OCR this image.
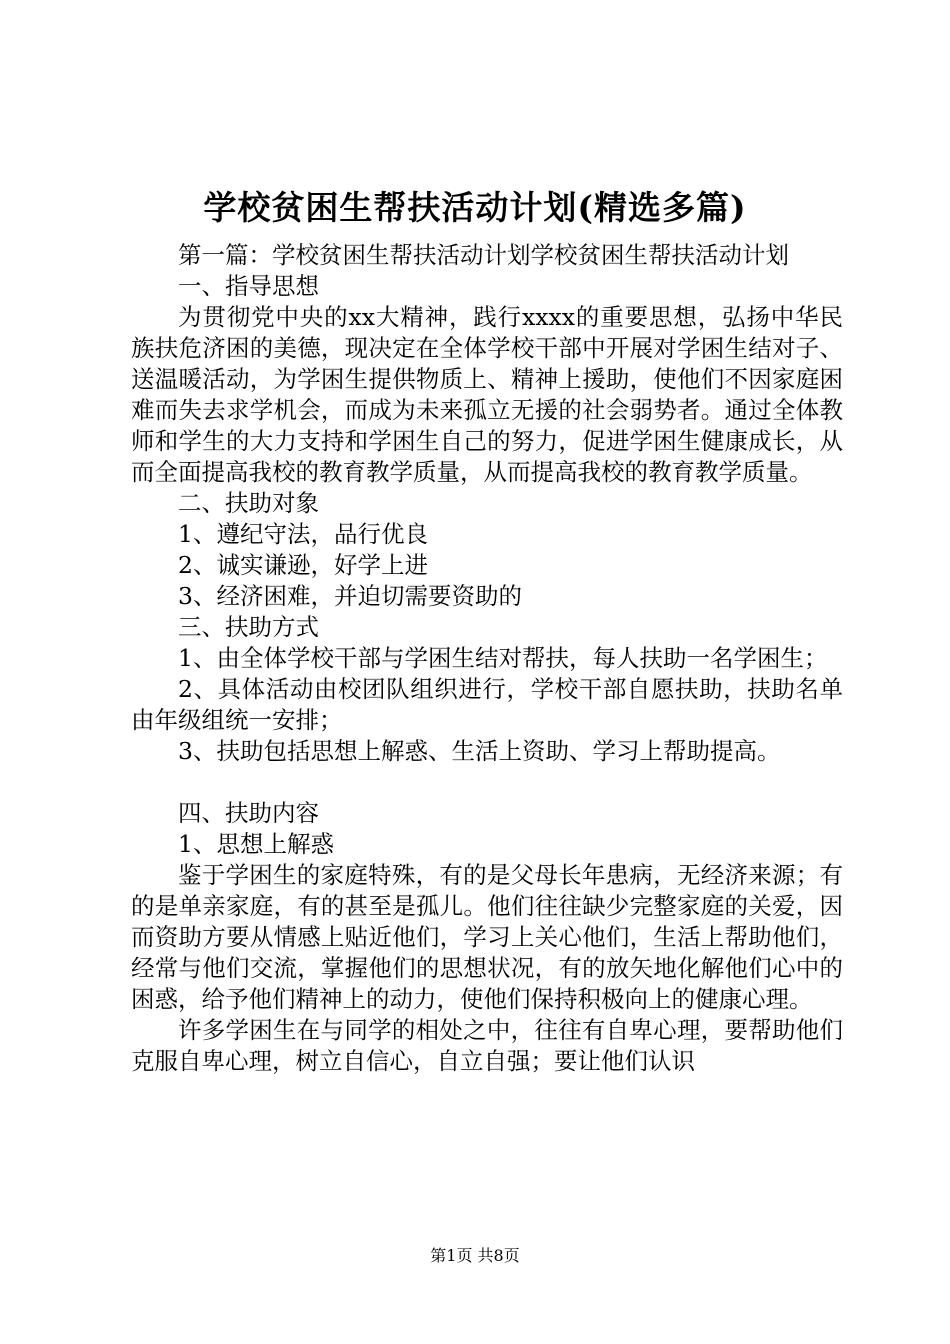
学校贫困生帮扶活动计划(精选多篇)

第一篇：学校贫困生帮扶活动计划学校贫困生帮扶活动计划

一、指导思想

为贯彻党中央的xx大精神，践行xxxx的重要思想，弘扬中华民族扶危济困的美德，现决定在全体学校干部中开展对学困生结对子、送温暖活动，为学困生提供物质上、精神上援助，使他们不因家庭困难而失去求学机会，而成为未来孤立无援的社会弱势者。通过全体教师和学生的大力支持和学困生自己的努力，促进学困生健康成长，从而全面提高我校的教育教学质量，从而提高我校的教育教学质量。

二、扶助对象

1、遵纪守法，品行优良

2、诚实谦逊，好学上进

3、经济困难，并迫切需要资助的

三、扶助方式

1、由全体学校干部与学困生结对帮扶，每人扶助一名学困生；

2、具体活动由校团队组织进行，学校干部自愿扶助，扶助名单由年级组统一安排；

3、扶助包括思想上解惑、生活上资助、学习上帮助提高。

四、扶助内容

1、思想上解惑

鉴于学困生的家庭特殊，有的是父母长年患病，无经济来源；有的是单亲家庭，有的甚至是孤儿。他们往往缺少完整家庭的关爱，因而资助方要从情感上贴近他们，学习上关心他们，生活上帮助他们，经常与他们交流，掌握他们的思想状况，有的放矢地化解他们心中的困惑，给予他们精神上的动力，使他们保持积极向上的健康心理。

许多学困生在与同学的相处之中，往往有自卑心理，要帮助他们克服自卑心理，树立自信心，自立自强；要让他们认识

第1页 共8页
